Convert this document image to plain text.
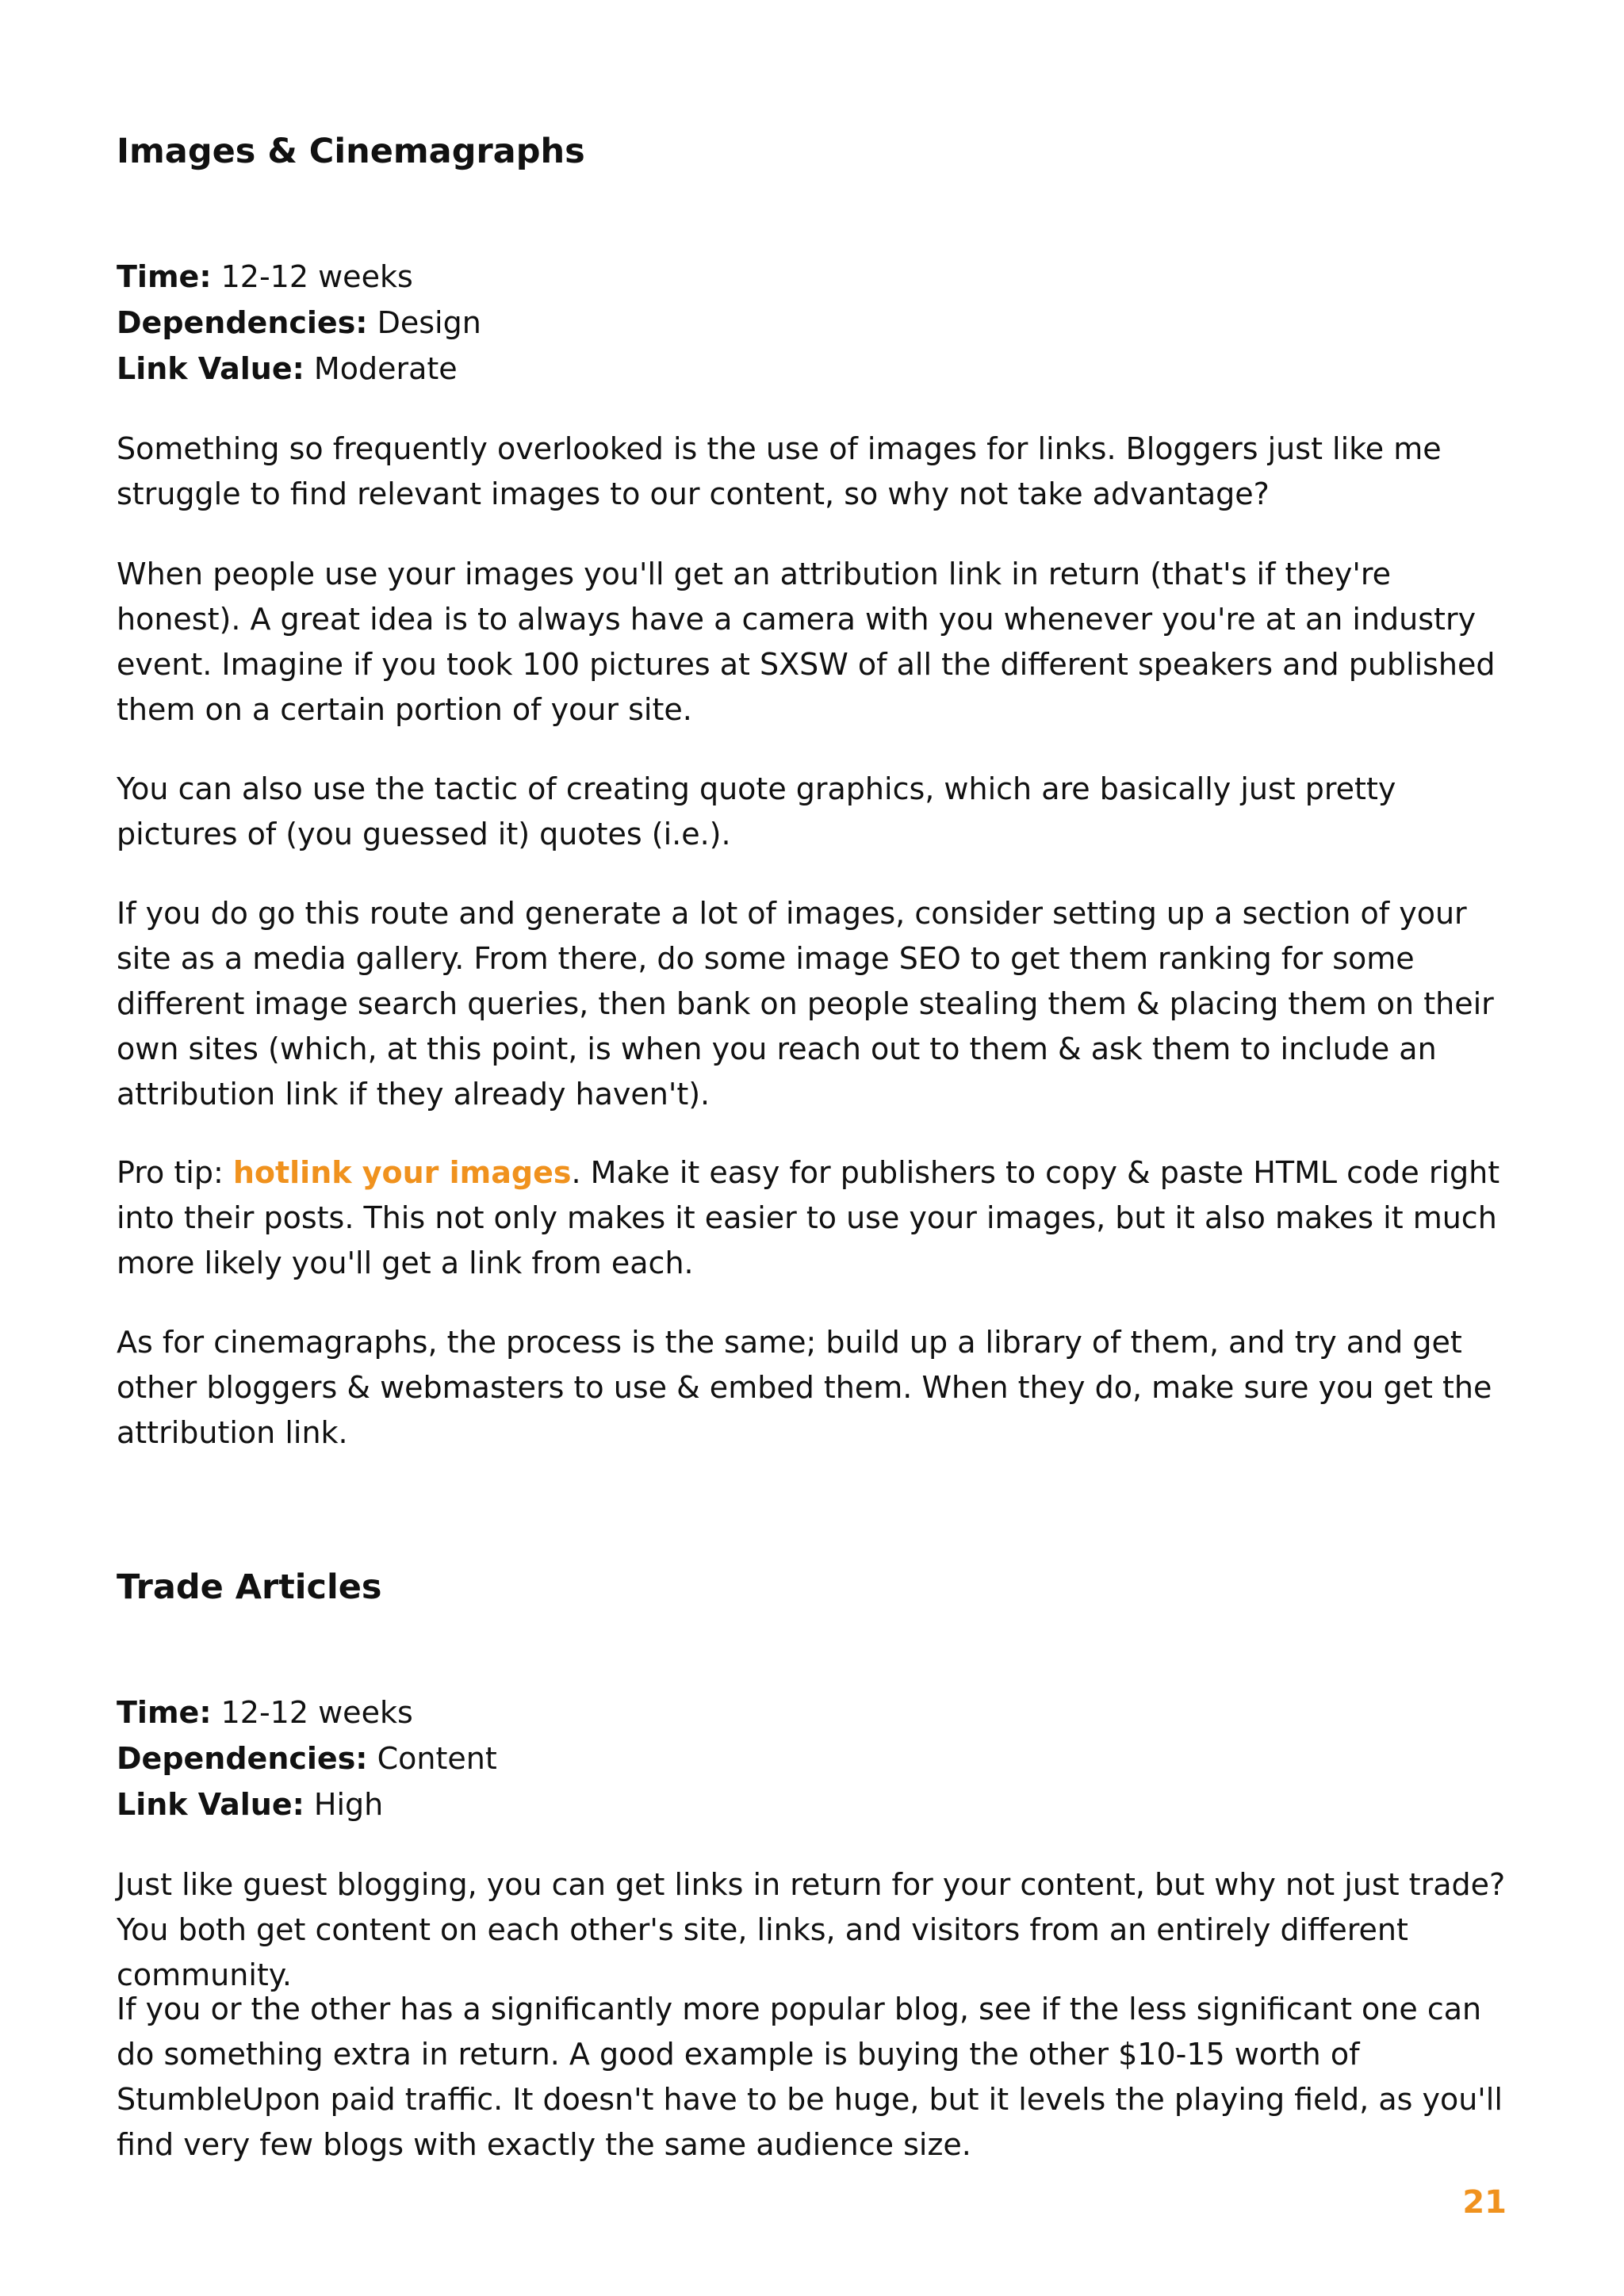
Images & Cinemagraphs

Time: 12-12 weeks

Dependencies: Design

Link Value: Moderate

Something so frequently overlooked is the use of images for links. Bloggers just like me struggle to find relevant images to our content, so why not take advantage?

When people use your images you'll get an attribution link in return (that's if they're honest). A great idea is to always have a camera with you whenever you're at an industry event. Imagine if you took 100 pictures at SXSW of all the different speakers and published them on a certain portion of your site.

You can also use the tactic of creating quote graphics, which are basically just pretty pictures of (you guessed it) quotes (i.e.).

If you do go this route and generate a lot of images, consider setting up a section of your site as a media gallery. From there, do some image SEO to get them ranking for some different image search queries, then bank on people stealing them & placing them on their own sites (which, at this point, is when you reach out to them & ask them to include an attribution link if they already haven't).

Pro tip: hotlink your images. Make it easy for publishers to copy & paste HTML code right into their posts. This not only makes it easier to use your images, but it also makes it much more likely you'll get a link from each.

As for cinemagraphs, the process is the same; build up a library of them, and try and get other bloggers & webmasters to use & embed them. When they do, make sure you get the attribution link.

Trade Articles

Time: 12-12 weeks

Dependencies: Content

Link Value: High

Just like guest blogging, you can get links in return for your content, but why not just trade? You both get content on each other's site, links, and visitors from an entirely different community.

If you or the other has a significantly more popular blog, see if the less significant one can do something extra in return. A good example is buying the other $10-15 worth of StumbleUpon paid traffic. It doesn't have to be huge, but it levels the playing field, as you'll find very few blogs with exactly the same audience size.

21
